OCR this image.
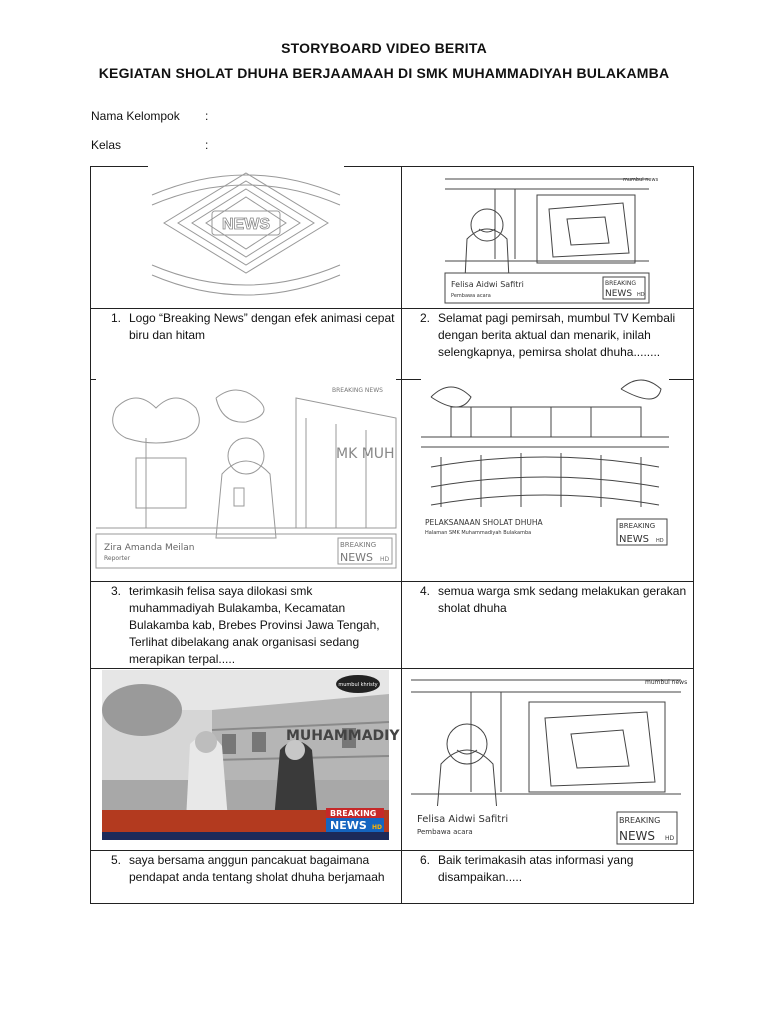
STORYBOARD VIDEO BERITA
KEGIATAN SHOLAT DHUHA BERJAAMAAH DI SMK MUHAMMADIYAH BULAKAMBA
Nama Kelompok :
Kelas	:
NEWS
Felisa Aidwi Safitri
Pembawa acara
BREAKING
NEWS HD
mumbul news
1. Logo “Breaking News” dengan efek animasi cepat biru dan hitam
2. Selamat pagi pemirsah, mumbul TV Kembali dengan berita aktual dan menarik, inilah selengkapnya, pemirsa sholat dhuha........
MK MUH
BREAKING NEWS
Zira Amanda Meilan
Reporter
BREAKING
NEWS HD
PELAKSANAAN SHOLAT DHUHA
Halaman SMK Muhammadiyah Bulakamba
BREAKING
NEWS HD
3. terimkasih felisa saya dilokasi smk muhammadiyah Bulakamba, Kecamatan Bulakamba kab, Brebes Provinsi Jawa Tengah, Terlihat dibelakang anak organisasi sedang merapikan terpal.....
4. semua warga smk sedang melakukan gerakan sholat dhuha
MUHAMMADIY
mumbul khristy
BREAKING
NEWS HD
Felisa Aidwi Safitri
Pembawa acara
BREAKING
NEWS HD
mumbul news
5. saya bersama anggun pancakuat bagaimana pendapat anda tentang sholat dhuha berjamaah
6. Baik terimakasih atas informasi yang disampaikan.....
